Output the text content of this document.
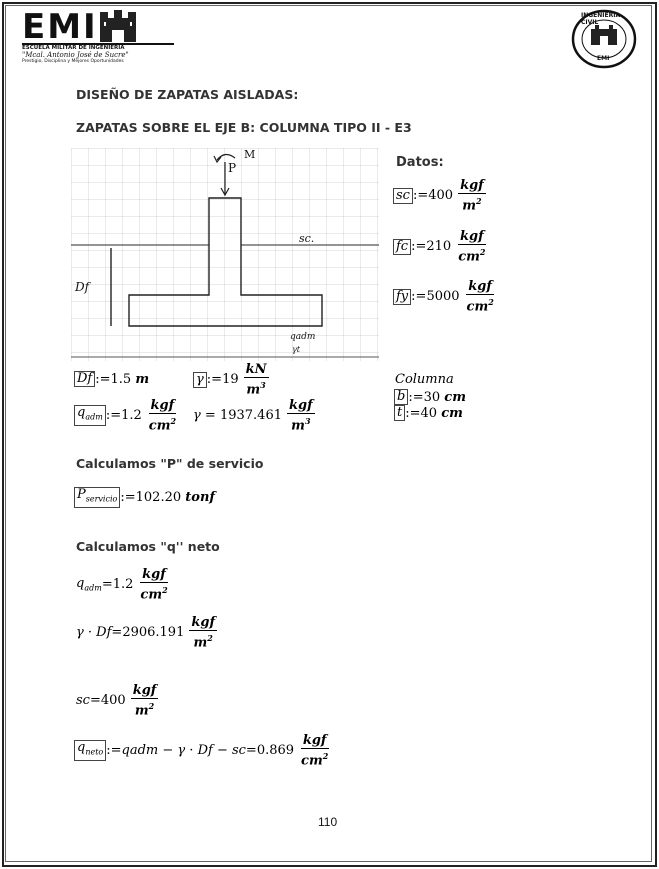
EMI
ESCUELA MILITAR DE INGENIERIA
"Mcal. Antonio José de Sucre"
Prestigio, Disciplina y Mejores Oportunidades
INGENIERIA CIVIL
EMI
DISEÑO DE ZAPATAS AISLADAS:
ZAPATAS SOBRE EL EJE B: COLUMNA TIPO II - E3
M
P
sc.
Df
qadm
γt
Datos:
sc := $400 \frac{\text{kgf}}{m^2}$
fc := $210 \frac{\text{kgf}}{cm^2}$
fy := $5000 \frac{\text{kgf}}{cm^2}$
Df := 1.5
m	γ := $19 \frac{kN}{m^3}$
$q_{adm}$ := $1.2 \frac{\text{kgf}}{cm^2}$ γ
=
$1937.461 \frac{\text{kgf}}{m^3}$
Columna
b := 30
cm
t := 40
cm
Calculamos "P" de servicio
$P_{servicio}$ := 102.20
tonf
Calculamos "q'' neto
$q_{adm} = 1.2 \frac{\text{kgf}}{cm^2}$
$\gamma \cdot Df = 2906.191 \frac{\text{kgf}}{m^2}$
sc = $400 \frac{\text{kgf}}{m^2}$
$q_{neto}$ := qadm − γ · Df − sc = $0.869 \frac{\text{kgf}}{cm^2}$
110
